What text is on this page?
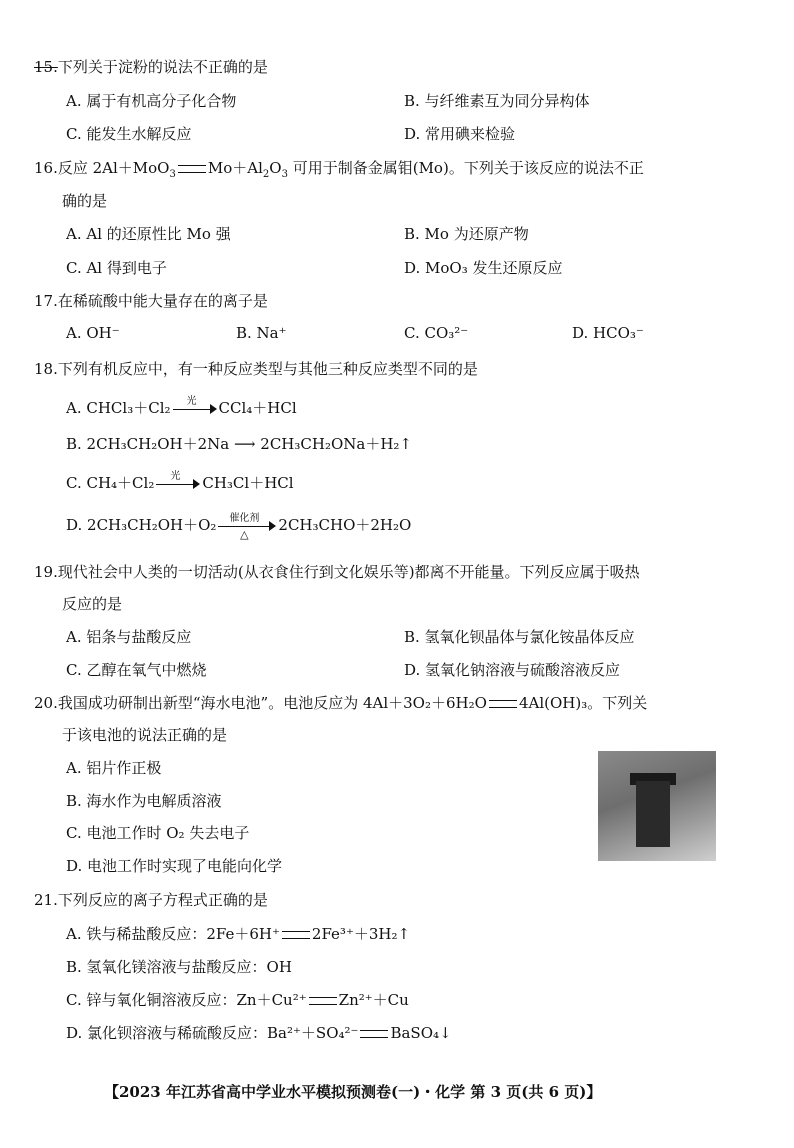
15.下列关于淀粉的说法不正确的是
A. 属于有机高分子化合物	B. 与纤维素互为同分异构体
C. 能发生水解反应	D. 常用碘来检验
16.反应 2Al＋MoO$_3$ $Mo+Al_2O_3$ 可用于制备金属钼(Mo)。下列关于该反应的说法不正
确的是
A. Al 的还原性比 Mo 强	B. Mo 为还原产物
C. Al 得到电子	D. MoO₃ 发生还原反应
17.在稀硫酸中能大量存在的离子是
A. OH⁻	B. Na⁺	C. CO₃²⁻	D. HCO₃⁻
18.下列有机反应中，有一种反应类型与其他三种反应类型不同的是
A. CHCl₃＋Cl₂	光	CCl₄＋HCl
B. 2CH₃CH₂OH＋2Na ⟶ 2CH₃CH₂ONa＋H₂↑
C. CH₄＋Cl₂	光	CH₃Cl＋HCl
D. 2CH₃CH₂OH＋O₂	催化剂
△
2CH₃CHO＋2H₂O
19.现代社会中人类的一切活动(从衣食住行到文化娱乐等)都离不开能量。下列反应属于吸热
反应的是
A. 铝条与盐酸反应	B. 氢氧化钡晶体与氯化铵晶体反应
C. 乙醇在氧气中燃烧	D. 氢氧化钠溶液与硫酸溶液反应
20.我国成功研制出新型“海水电池”。电池反应为 4Al＋3O₂＋6H₂O 4Al(OH)₃。下列关
于该电池的说法正确的是
A. 铝片作正极
B. 海水作为电解质溶液
C. 电池工作时 O₂ 失去电子
D. 电池工作时实现了电能向化学
21.下列反应的离子方程式正确的是
A. 铁与稀盐酸反应：2Fe＋6H⁺ 2Fe³⁺＋3H₂↑
B. 氢氧化镁溶液与盐酸反应：OH
C. 锌与氧化铜溶液反应：Zn＋Cu²⁺ Zn²⁺＋Cu
D. 氯化钡溶液与稀硫酸反应：Ba²⁺＋SO₄²⁻ BaSO₄↓
【2023 年江苏省高中学业水平模拟预测卷(一)・化学 第 3 页(共 6 页)】
